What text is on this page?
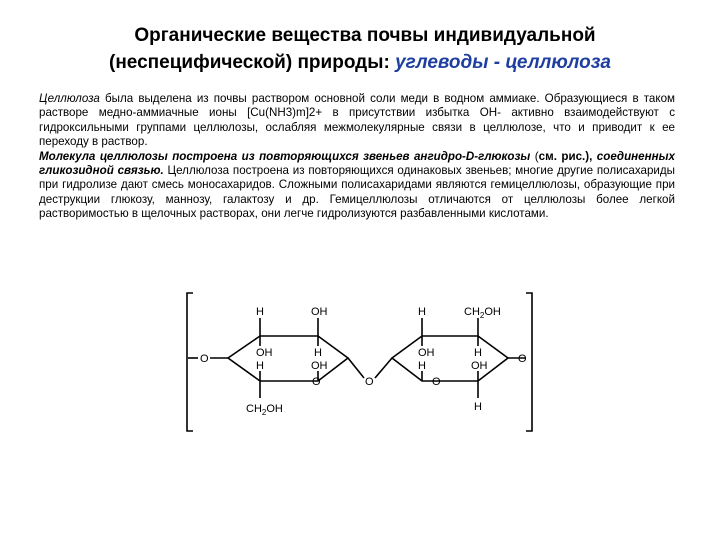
Органические вещества почвы индивидуальной
(неспецифической) природы: углеводы - целлюлоза

Целлюлоза была выделена из почвы раствором основной соли меди в водном аммиаке. Образующиеся в таком растворе медно-аммиачные ионы [Cu(NH3)m]2+ в присутствии избытка ОН- активно взаимодействуют с гидроксильными группами целлюлозы, ослабляя межмолекулярные связи в целлюлозе, что и приводит к ее переходу в раствор.

Молекула целлюлозы построена из повторяющихся звеньев ангидро-D-глюкозы (см. рис.), соединенных гликозидной связью. Целлюлоза построена из повторяющихся одинаковых звеньев; многие другие полисахариды при гидролизе дают смесь моносахаридов. Сложными полисахаридами являются гемицеллюлозы, образующие при деструкции глюкозу, маннозу, галактозу и др. Гемицеллюлозы отличаются от целлюлозы более легкой растворимостью в щелочных растворах, они легче гидролизуются разбавленными кислотами.

H	OH
OH	H
H	OH
O
O
$CH_2OH$
O
H	$CH_2OH$
OH	H
H	OH
O
H
O
